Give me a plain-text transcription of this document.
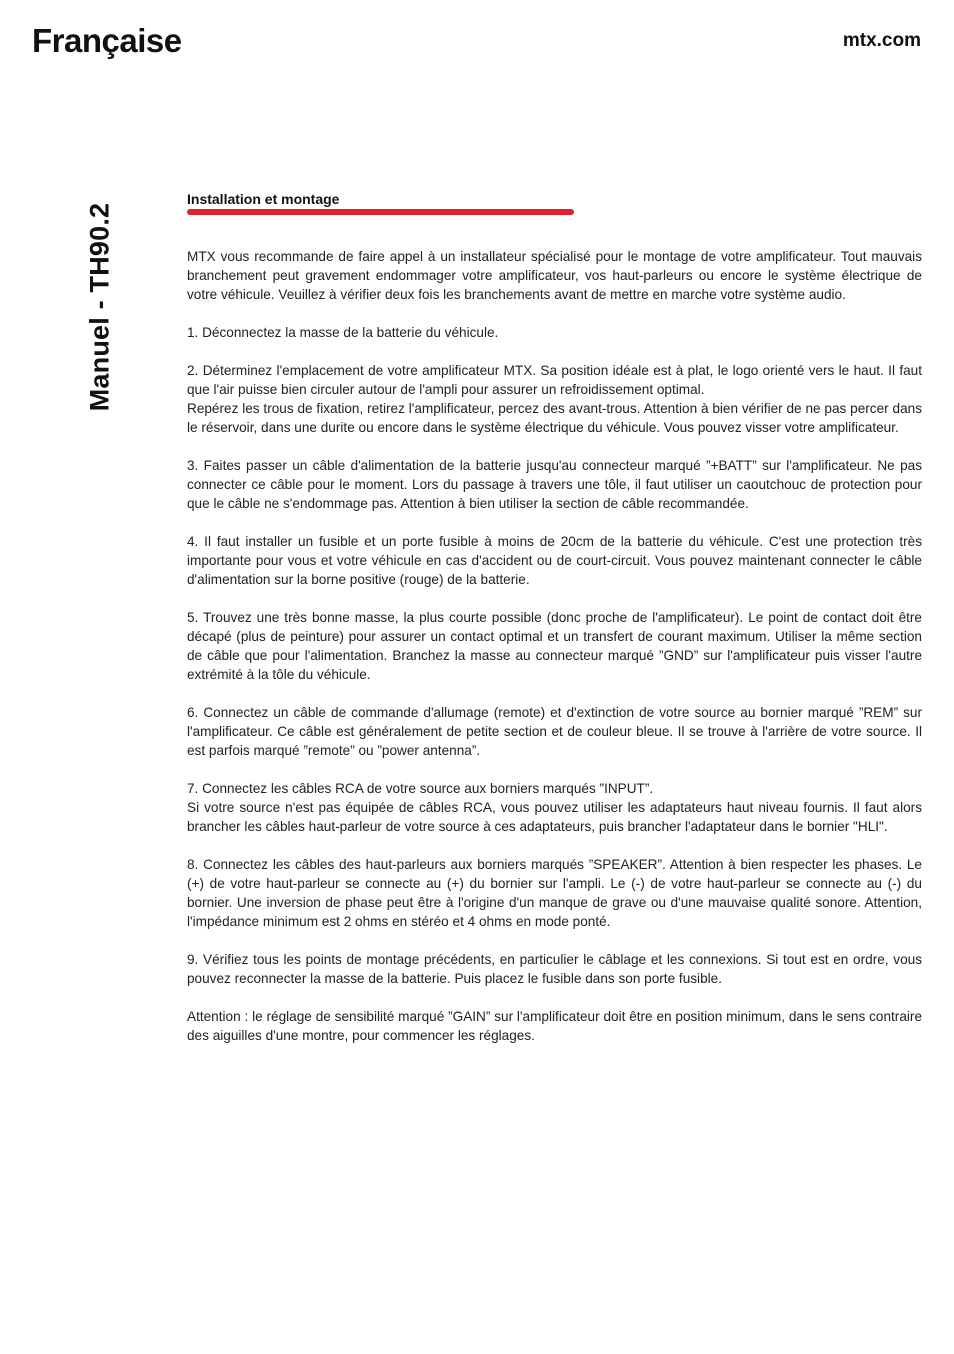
Française	mtx.com
Manuel - TH90.2
Installation et montage

MTX vous recommande de faire appel à un installateur spécialisé pour le montage de votre amplificateur. Tout mauvais branchement peut gravement endommager votre amplificateur, vos haut-parleurs ou encore le système électrique de votre véhicule. Veuillez à vérifier deux fois les branchements avant de mettre en marche votre système audio.

1. Déconnectez la masse de la batterie du véhicule.

2. Déterminez l'emplacement de votre amplificateur MTX. Sa position idéale est à plat, le logo orienté vers le haut. Il faut que l'air puisse bien circuler autour de l'ampli pour assurer un refroidissement optimal.
Repérez les trous de fixation, retirez l'amplificateur, percez des avant-trous. Attention à bien vérifier de ne pas percer dans le réservoir, dans une durite ou encore dans le système électrique du véhicule. Vous pouvez visser votre amplificateur.

3. Faites passer un câble d'alimentation de la batterie jusqu'au connecteur marqué ”+BATT” sur l'amplificateur. Ne pas connecter ce câble pour le moment. Lors du passage à travers une tôle, il faut utiliser un caoutchouc de protection pour que le câble ne s'endommage pas. Attention à bien utiliser la section de câble recommandée.

4. Il faut installer un fusible et un porte fusible à moins de 20cm de la batterie du véhicule. C'est une protection très importante pour vous et votre véhicule en cas d'accident ou de court-circuit. Vous pouvez maintenant connecter le câble d'alimentation sur la borne positive (rouge) de la batterie.

5. Trouvez une très bonne masse, la plus courte possible (donc proche de l'amplificateur). Le point de contact doit être décapé (plus de peinture) pour assurer un contact optimal et un transfert de courant maximum. Utiliser la même section de câble que pour l'alimentation. Branchez la masse au connecteur marqué ”GND” sur l'amplificateur puis visser l'autre extrémité à la tôle du véhicule.

6. Connectez un câble de commande d'allumage (remote) et d'extinction de votre source au bornier marqué ”REM” sur l'amplificateur. Ce câble est généralement de petite section et de couleur bleue. Il se trouve à l'arrière de votre source. Il est parfois marqué ”remote” ou ”power antenna”.

7. Connectez les câbles RCA de votre source aux borniers marqués ”INPUT”.
Si votre source n'est pas équipée de câbles RCA, vous pouvez utiliser les adaptateurs haut niveau fournis. Il faut alors brancher les câbles haut-parleur de votre source à ces adaptateurs, puis brancher l'adaptateur dans le bornier "HLI".

8. Connectez les câbles des haut-parleurs aux borniers marqués ”SPEAKER”. Attention à bien respecter les phases. Le (+) de votre haut-parleur se connecte au (+) du bornier sur l'ampli. Le (-) de votre haut-parleur se connecte au (-) du bornier. Une inversion de phase peut être à l'origine d'un manque de grave ou d'une mauvaise qualité sonore. Attention, l'impédance minimum est 2 ohms en stéréo et 4 ohms en mode ponté.

9. Vérifiez tous les points de montage précédents, en particulier le câblage et les connexions. Si tout est en ordre, vous pouvez reconnecter la masse de la batterie. Puis placez le fusible dans son porte fusible.

Attention : le réglage de sensibilité marqué ”GAIN” sur l'amplificateur doit être en position minimum, dans le sens contraire des aiguilles d'une montre, pour commencer les réglages.
